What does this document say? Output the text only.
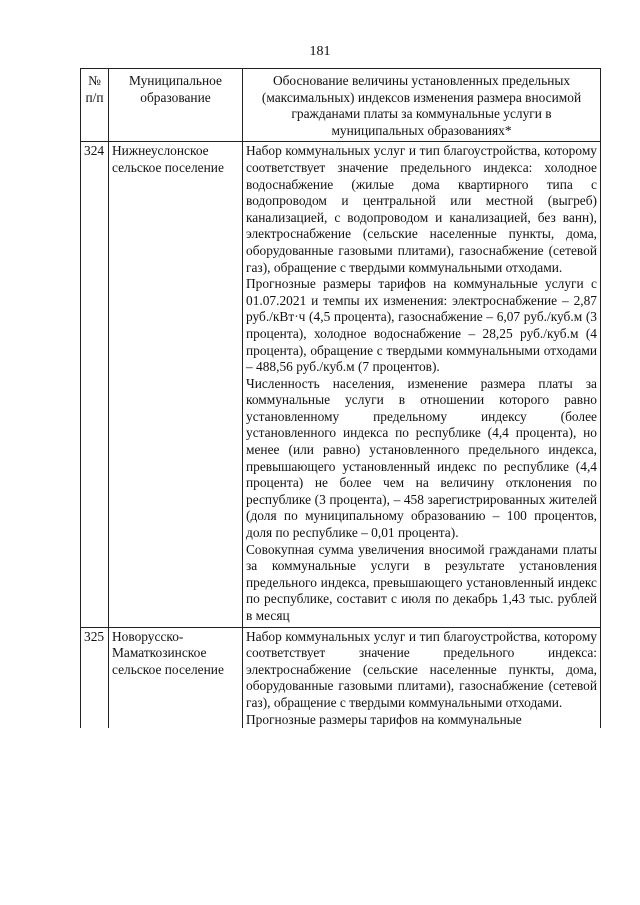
181
№ п/п	Муниципальное образование	Обоснование величины установленных предельных (максимальных) индексов изменения размера вносимой гражданами платы за коммунальные услуги в муниципальных образованиях*
324	Нижнеуслонское сельское поселение	Набор коммунальных услуг и тип благоустройства, которому соответствует значение предельного индекса: холодное водоснабжение (жилые дома квартирного типа с водопроводом и центральной или местной (выгреб) канализацией, с водопроводом и канализацией, без ванн), электроснабжение (сельские населенные пункты, дома, оборудованные газовыми плитами), газоснабжение (сетевой газ), обращение с твердыми коммунальными отходами.

Прогнозные размеры тарифов на коммунальные услуги с 01.07.2021 и темпы их изменения: электроснабжение – 2,87 руб./кВт·ч (4,5 процента), газоснабжение – 6,07 руб./куб.м (3 процента), холодное водоснабжение – 28,25 руб./куб.м (4 процента), обращение с твердыми коммунальными отходами – 488,56 руб./куб.м (7 процентов).

Численность населения, изменение размера платы за коммунальные услуги в отношении которого равно установленному предельному индексу (более установленного индекса по республике (4,4 процента), но менее (или равно) установленного предельного индекса, превышающего установленный индекс по республике (4,4 процента) не более чем на величину отклонения по республике (3 процента), – 458 зарегистрированных жителей (доля по муниципальному образованию – 100 процентов, доля по республике – 0,01 процента).

Совокупная сумма увеличения вносимой гражданами платы за коммунальные услуги в результате установления предельного индекса, превышающего установленный индекс по республике, составит с июля по декабрь 1,43 тыс. рублей в месяц

325	Новорусско-Маматкозинское сельское поселение	Набор коммунальных услуг и тип благоустройства, которому соответствует значение предельного индекса: электроснабжение (сельские населенные пункты, дома, оборудованные газовыми плитами), газоснабжение (сетевой газ), обращение с твердыми коммунальными отходами.

Прогнозные размеры тарифов на коммунальные
